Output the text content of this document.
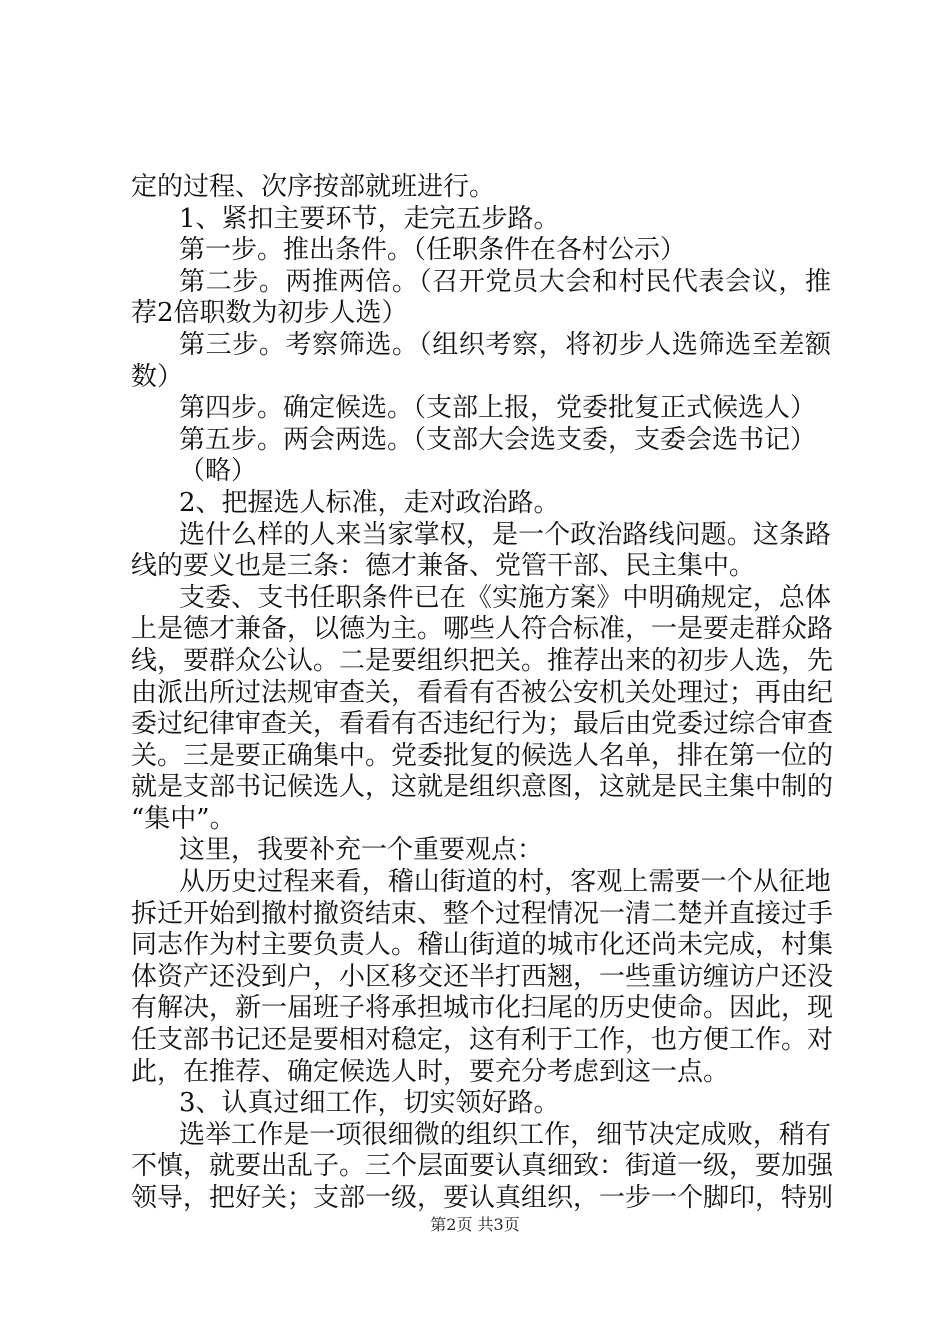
定的过程、次序按部就班进行。
1、紧扣主要环节，走完五步路。
第一步。推出条件。（任职条件在各村公示）
第二步。两推两倍。（召开党员大会和村民代表会议，推
荐2倍职数为初步人选）
第三步。考察筛选。（组织考察，将初步人选筛选至差额
数）
第四步。确定候选。（支部上报，党委批复正式候选人）
第五步。两会两选。（支部大会选支委，支委会选书记）
（略）
2、把握选人标准，走对政治路。
选什么样的人来当家掌权，是一个政治路线问题。这条路
线的要义也是三条：德才兼备、党管干部、民主集中。
支委、支书任职条件已在《实施方案》中明确规定，总体
上是德才兼备，以德为主。哪些人符合标准，一是要走群众路
线，要群众公认。二是要组织把关。推荐出来的初步人选，先
由派出所过法规审查关，看看有否被公安机关处理过；再由纪
委过纪律审查关，看看有否违纪行为；最后由党委过综合审查
关。三是要正确集中。党委批复的候选人名单，排在第一位的
就是支部书记候选人，这就是组织意图，这就是民主集中制的
“集中”。
这里，我要补充一个重要观点：
从历史过程来看，稽山街道的村，客观上需要一个从征地
拆迁开始到撤村撤资结束、整个过程情况一清二楚并直接过手
同志作为村主要负责人。稽山街道的城市化还尚未完成，村集
体资产还没到户，小区移交还半打西翘，一些重访缠访户还没
有解决，新一届班子将承担城市化扫尾的历史使命。因此，现
任支部书记还是要相对稳定，这有利于工作，也方便工作。对
此，在推荐、确定候选人时，要充分考虑到这一点。
3、认真过细工作，切实领好路。
选举工作是一项很细微的组织工作，细节决定成败，稍有
不慎，就要出乱子。三个层面要认真细致：街道一级，要加强
领导，把好关；支部一级，要认真组织，一步一个脚印，特别
第2页 共3页
